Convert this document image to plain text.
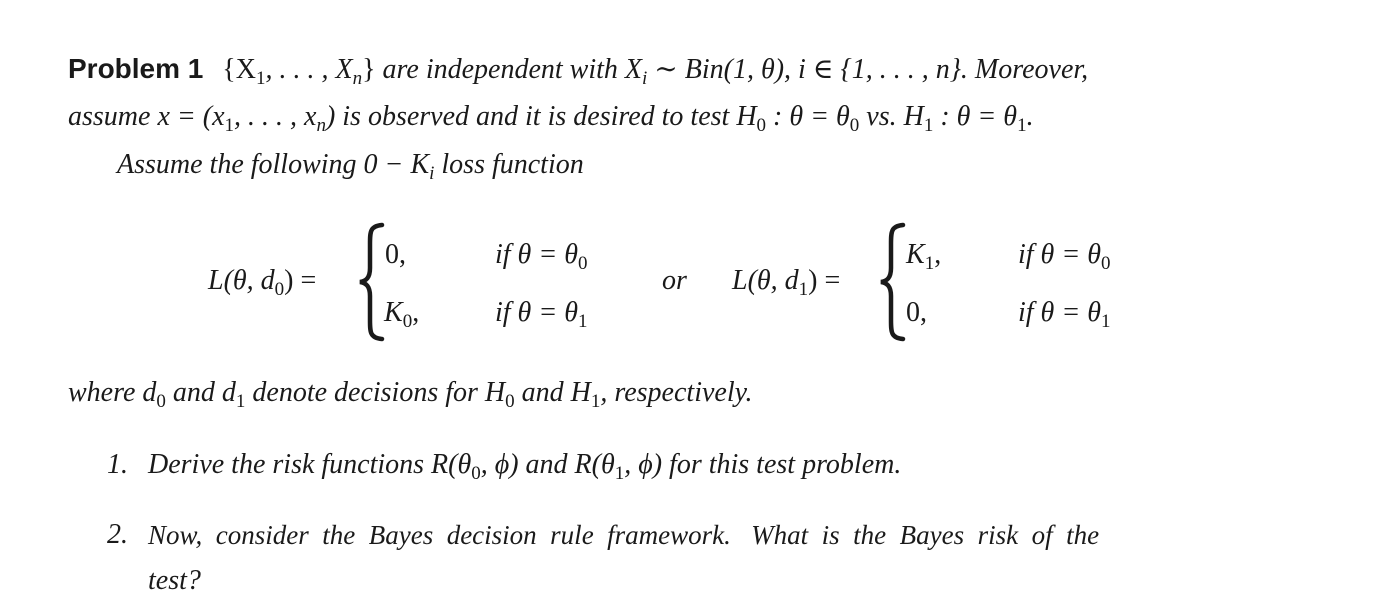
Problem 1 {$X_1$, . . . , $X_n$} are independent with $X_i$ ∼ Bin(1, θ), i ∈ {1, . . . , n}. Moreover,
assume $x = (x_1$, . . . , $x_n$) is observed and it is desired to test $H_0$ : $\theta = \theta_0$ vs. $H_1$ : $\theta = \theta_1$.
Assume the following $0 - K_i$ loss function
L(θ, $d_0$) =
0,	if $\theta = \theta_0$
$K_0$,	if $\theta = \theta_1$
or L(θ, $d_1$) =
$K_1$,	if $\theta = \theta_0$
0,	if $\theta = \theta_1$
where $d_0$ and $d_1$ denote decisions for $H_0$ and $H_1$, respectively.
1. Derive the risk functions $R(\theta_0$, ϕ) and $R(\theta_1$, ϕ) for this test problem.
2. Now,  consider  the  Bayes  decision  rule  framework.   What  is  the  Bayes  risk  of  the
test?
